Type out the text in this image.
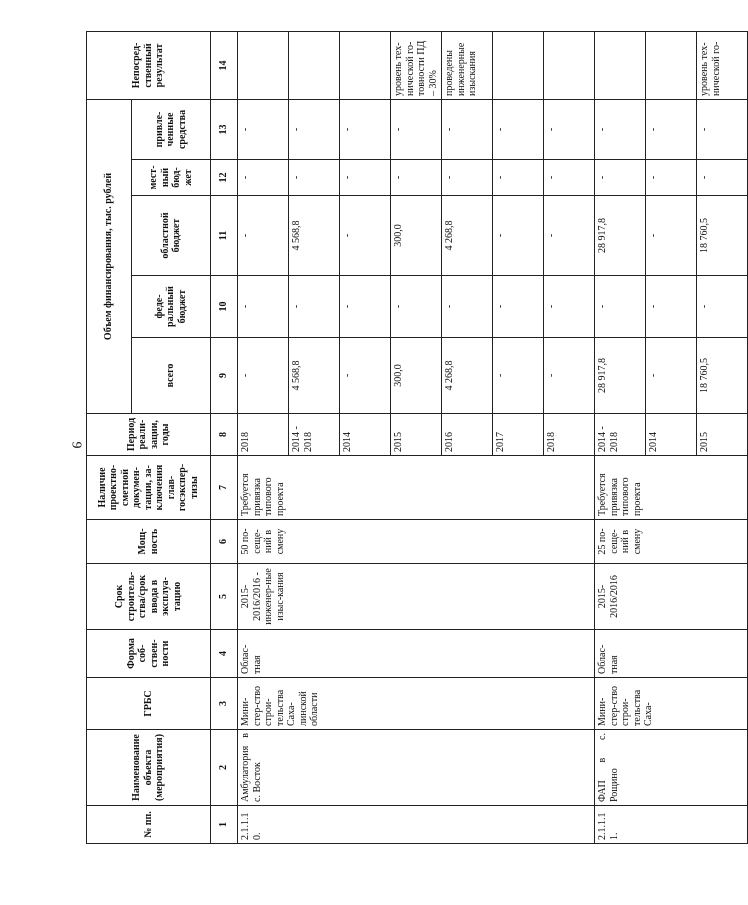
9
№ пп.	Наименование объекта (мероприятия)	ГРБС	Форма соб-ствен-ности	Срок строитель-ства/срок ввода в эксплуа-тацию	Мощ-ность	Наличие проектно-сметной докумен-тации, за-ключения глав-госэкспер-тизы	Период реали-зации, годы	Объем финансирования, тыс. рублей					Непосред-ственный результат
								всего	феде-ральный бюджет	областной бюджет	мест-ный бюд-жет	привле-ченные средства	
1	2	3	4	5	6	7	8	9	10	11	12	13	14
2.1.1.10.	Амбулатория в с. Восток	Мини-стер-ство строи-тельства Саха-линской области	Облас-тная	2015-2016/2016 - инженер-ные изыс-кания	50 по-сеще-ний в смену	Требуется привязка типового проекта	2018	-	-	-	-	-	
							2014 - 2018	4 568,8	-	4 568,8	-	-	
							2014	-	-	-	-	-	
							2015	300,0	-	300,0	-	-	уровень тех-нической го-товности ПД – 30%
							2016	4 268,8	-	4 268,8	-	-	проведены инженерные изыскания
							2017	-	-	-	-	-	
							2018	-	-	-	-	-	
2.1.1.11.	ФАП в с. Рощино	Мини-стер-ство строи-тельства Саха-	Облас-тная	2015-2016/2016	25 по-сеще-ний в смену	Требуется привязка типового проекта	2014 - 2018	28 917,8	-	28 917,8	-	-	
							2014	-	-	-	-	-	
							2015	18 760,5	-	18 760,5	-	-	уровень тех-нической го-
